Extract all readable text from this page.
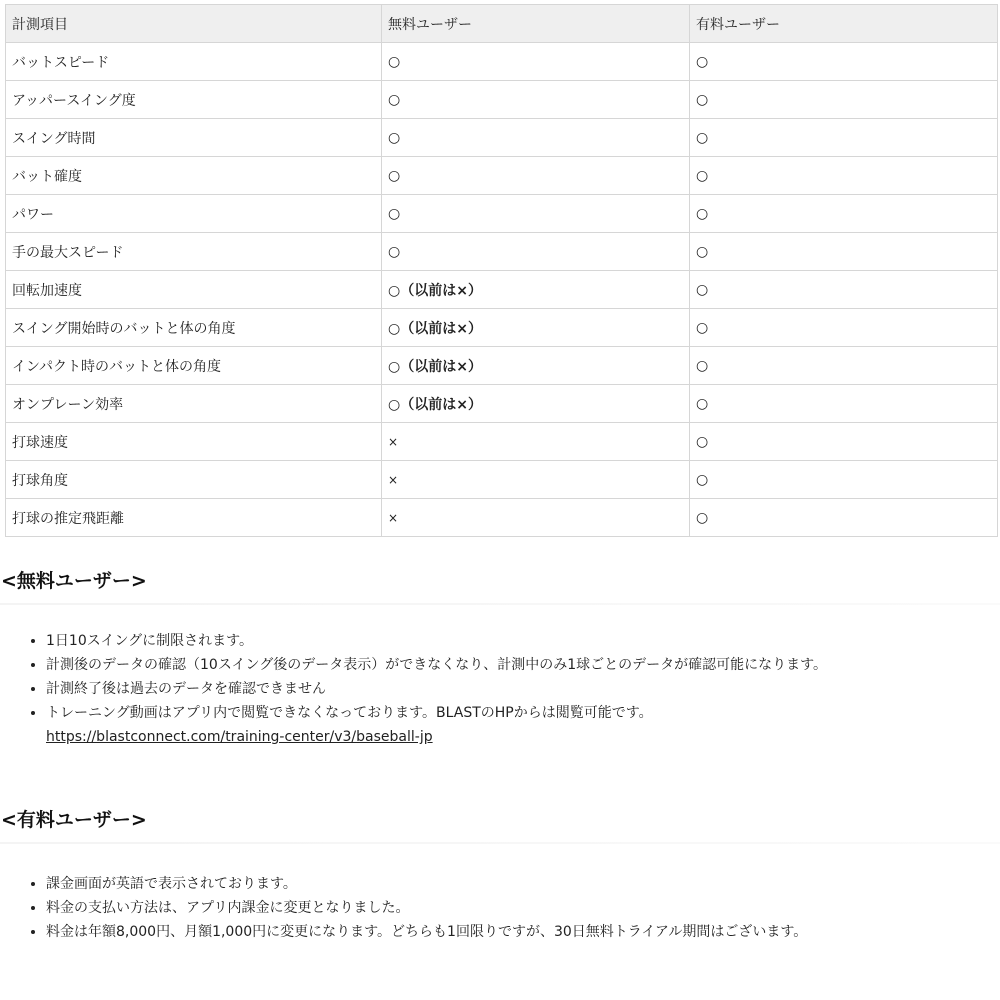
計測項目	無料ユーザー	有料ユーザー
バットスピード	○	○
アッパースイング度	○	○
スイング時間	○	○
バット確度	○	○
パワー	○	○
手の最大スピード	○	○
回転加速度	○（以前は×）	○
スイング開始時のバットと体の角度	○（以前は×）	○
インパクト時のバットと体の角度	○（以前は×）	○
オンプレーン効率	○（以前は×）	○
打球速度	×	○
打球角度	×	○
打球の推定飛距離	×	○
<無料ユーザー>
• 1日10スイングに制限されます。
• 計測後のデータの確認（10スイング後のデータ表示）ができなくなり、計測中のみ1球ごとのデータが確認可能になります。
• 計測終了後は過去のデータを確認できません
• トレーニング動画はアプリ内で閲覧できなくなっております。BLASTのHPからは閲覧可能です。
https://blastconnect.com/training-center/v3/baseball-jp
<有料ユーザー>
• 課金画面が英語で表示されております。
• 料金の支払い方法は、アプリ内課金に変更となりました。
• 料金は年額8,000円、月額1,000円に変更になります。どちらも1回限りですが、30日無料トライアル期間はございます。
